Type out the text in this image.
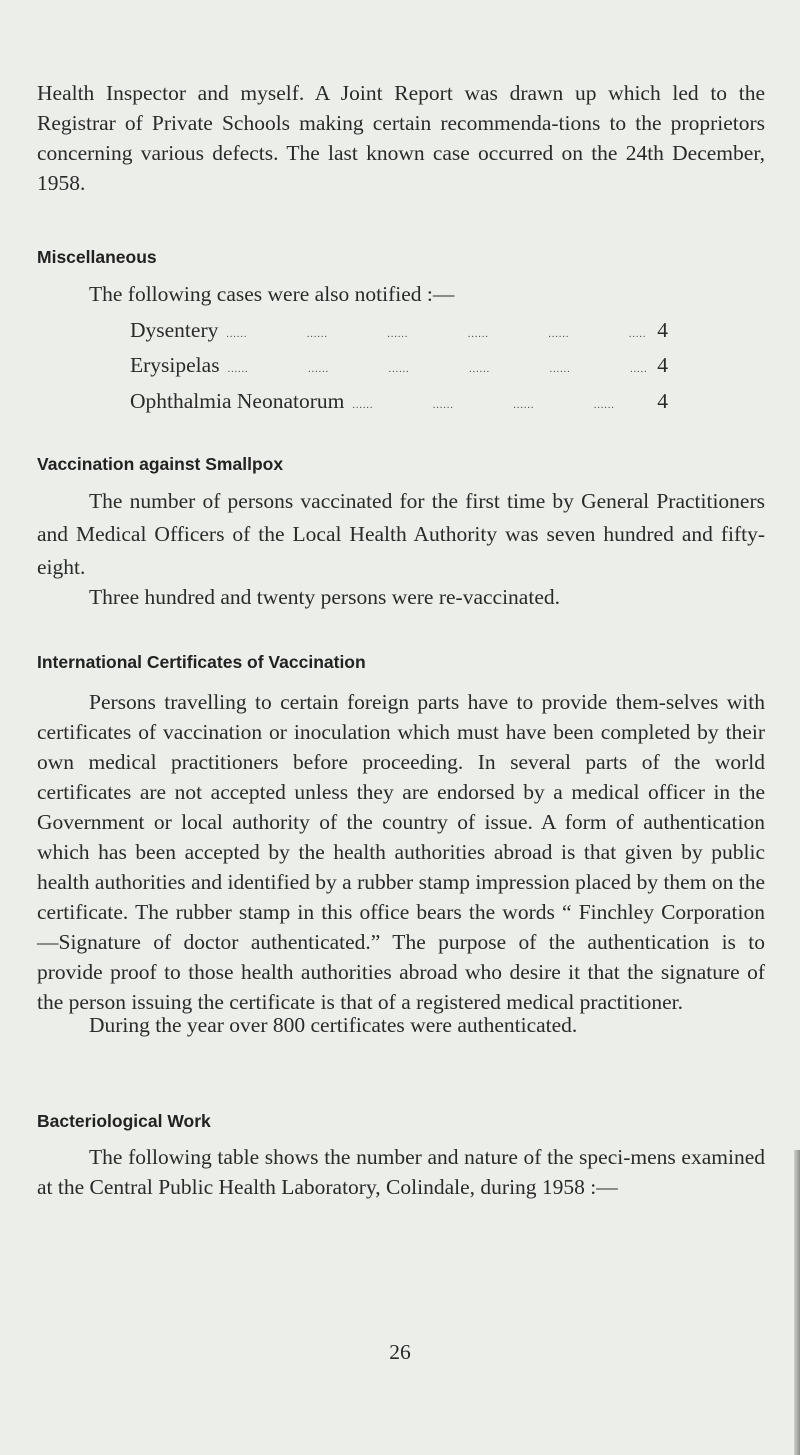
Health Inspector and myself. A Joint Report was drawn up which led to the Registrar of Private Schools making certain recommenda-tions to the proprietors concerning various defects. The last known case occurred on the 24th December, 1958.

Miscellaneous

The following cases were also notified :—

Dysentery .....	4
Erysipelas .....	4
Ophthalmia Neonatorum .....	4
Vaccination against Smallpox

The number of persons vaccinated for the first time by General Practitioners and Medical Officers of the Local Health Authority was seven hundred and fifty-eight.

Three hundred and twenty persons were re-vaccinated.

International Certificates of Vaccination

Persons travelling to certain foreign parts have to provide them-selves with certificates of vaccination or inoculation which must have been completed by their own medical practitioners before proceeding. In several parts of the world certificates are not accepted unless they are endorsed by a medical officer in the Government or local authority of the country of issue. A form of authentication which has been accepted by the health authorities abroad is that given by public health authorities and identified by a rubber stamp impression placed by them on the certificate. The rubber stamp in this office bears the words “ Finchley Corporation—Signature of doctor authenticated.” The purpose of the authentication is to provide proof to those health authorities abroad who desire it that the signature of the person issuing the certificate is that of a registered medical practitioner.

During the year over 800 certificates were authenticated.

Bacteriological Work

The following table shows the number and nature of the speci-mens examined at the Central Public Health Laboratory, Colindale, during 1958 :—

26
